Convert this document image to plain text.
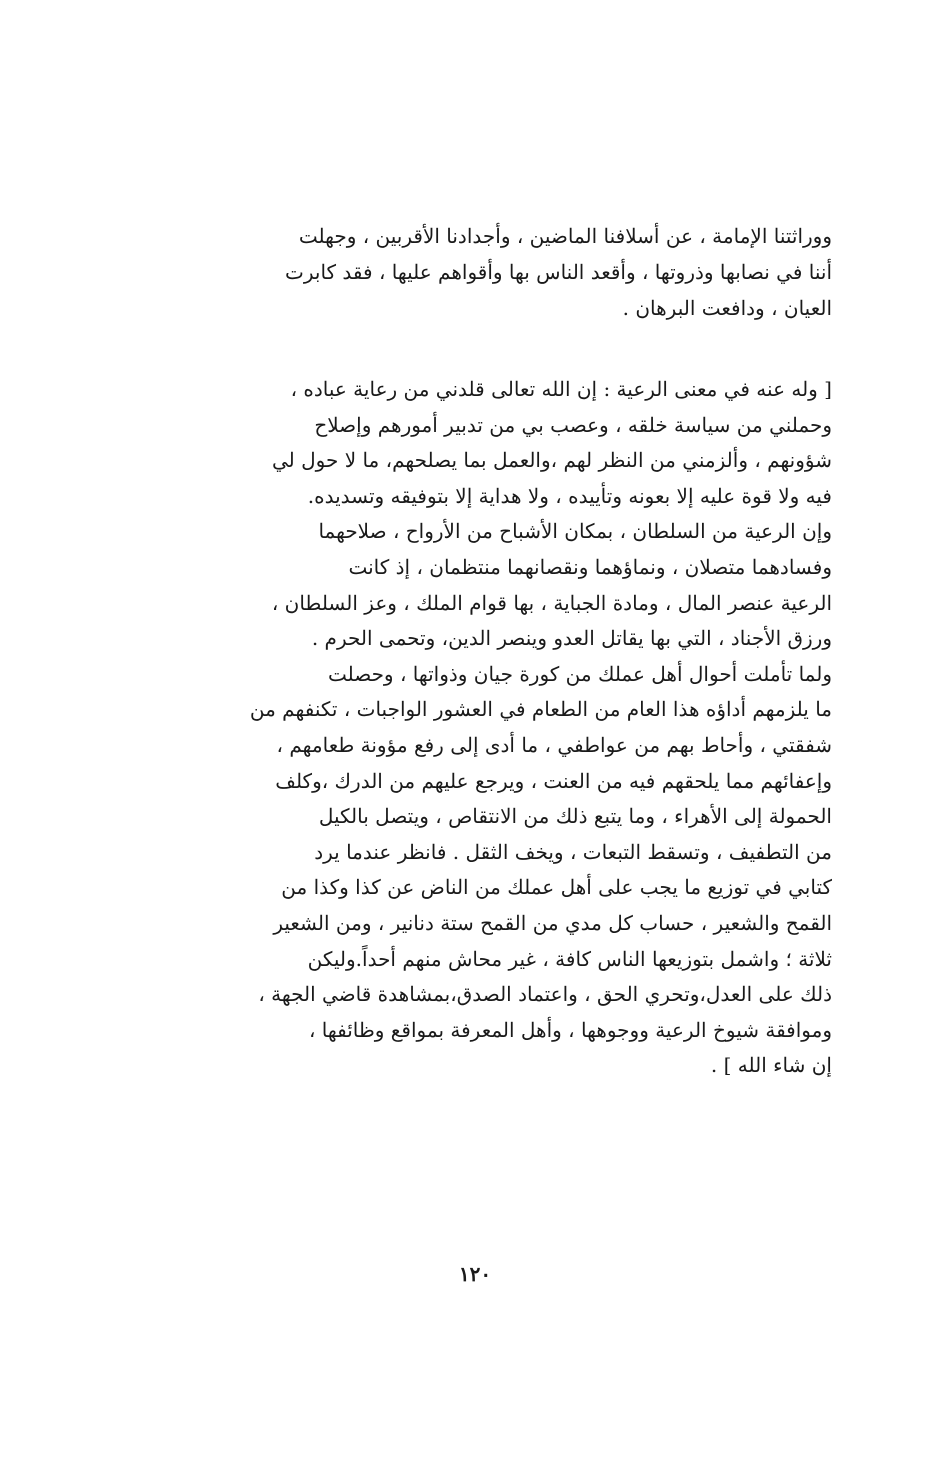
ووراثتنا الإمامة ، عن أسلافنا الماضين ، وأجدادنا الأقربين ، وجهلت
أننا في نصابها وذروتها ، وأقعد الناس بها وأقواهم عليها ، فقد كابرت
العيان ، ودافعت البرهان .
[ وله عنه في معنى الرعية : إن الله تعالى قلدني من رعاية عباده ،
وحملني من سياسة خلقه ، وعصب بي من تدبير أمورهم وإصلاح
شؤونهم ، وألزمني من النظر لهم ،والعمل بما يصلحهم، ما لا حول لي
فيه ولا قوة عليه إلا بعونه وتأييده ، ولا هداية إلا بتوفيقه وتسديده.
وإن الرعية من السلطان ، بمكان الأشباح من الأرواح ، صلاحهما
وفسادهما متصلان ، ونماؤهما ونقصانهما منتظمان ، إذ كانت
الرعية عنصر المال ، ومادة الجباية ، بها قوام الملك ، وعز السلطان ،
ورزق الأجناد ، التي بها يقاتل العدو وينصر الدين، وتحمى الحرم .
ولما تأملت أحوال أهل عملك من كورة جيان وذواتها ، وحصلت
ما يلزمهم أداؤه هذا العام من الطعام في العشور الواجبات ، تكنفهم من
شفقتي ، وأحاط بهم من عواطفي ، ما أدى إلى رفع مؤونة طعامهم ،
وإعفائهم مما يلحقهم فيه من العنت ، ويرجع عليهم من الدرك ،وكلف
الحمولة إلى الأهراء ، وما يتبع ذلك من الانتقاص ، ويتصل بالكيل
من التطفيف ، وتسقط التبعات ، ويخف الثقل . فانظر عندما يرد
كتابي في توزيع ما يجب على أهل عملك من الناض عن كذا وكذا من
القمح والشعير ، حساب كل مدي من القمح ستة دنانير ، ومن الشعير
ثلاثة ؛ واشمل بتوزيعها الناس كافة ، غير محاش منهم أحداً.وليكن
ذلك على العدل،وتحري الحق ، واعتماد الصدق،بمشاهدة قاضي الجهة ،
وموافقة شيوخ الرعية ووجوهها ، وأهل المعرفة بمواقع وظائفها ،
إن شاء الله ] .
١٢٠
